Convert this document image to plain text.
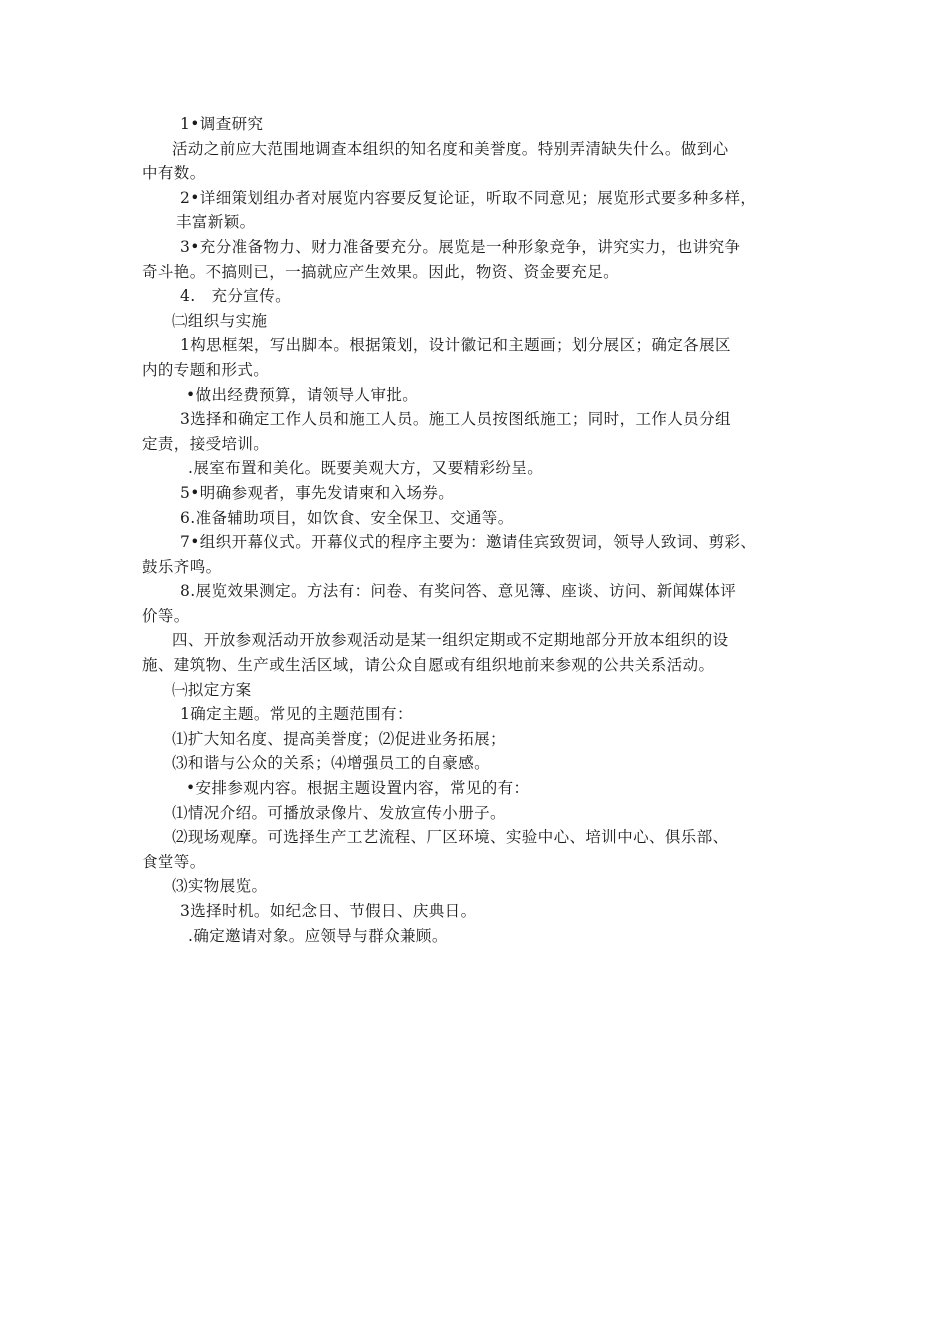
1•调查研究
活动之前应大范围地调查本组织的知名度和美誉度。特别弄清缺失什么。做到心
中有数。
2•详细策划组办者对展览内容要反复论证，听取不同意见；展览形式要多种多样，
丰富新颖。
3•充分准备物力、财力准备要充分。展览是一种形象竞争，讲究实力，也讲究争
奇斗艳。不搞则已，一搞就应产生效果。因此，物资、资金要充足。
4.　充分宣传。
㈡组织与实施
1构思框架，写出脚本。根据策划，设计徽记和主题画；划分展区；确定各展区
内的专题和形式。
•做出经费预算，请领导人审批。
3选择和确定工作人员和施工人员。施工人员按图纸施工；同时，工作人员分组
定责，接受培训。
.展室布置和美化。既要美观大方，又要精彩纷呈。
5•明确参观者，事先发请柬和入场券。
6.准备辅助项目，如饮食、安全保卫、交通等。
7•组织开幕仪式。开幕仪式的程序主要为：邀请佳宾致贺词，领导人致词、剪彩、
鼓乐齐鸣。
8.展览效果测定。方法有：问卷、有奖问答、意见簿、座谈、访问、新闻媒体评
价等。
四、开放参观活动开放参观活动是某一组织定期或不定期地部分开放本组织的设
施、建筑物、生产或生活区域，请公众自愿或有组织地前来参观的公共关系活动。
㈠拟定方案
1确定主题。常见的主题范围有：
⑴扩大知名度、提高美誉度；⑵促进业务拓展；
⑶和谐与公众的关系；⑷增强员工的自豪感。
•安排参观内容。根据主题设置内容，常见的有：
⑴情况介绍。可播放录像片、发放宣传小册子。
⑵现场观摩。可选择生产工艺流程、厂区环境、实验中心、培训中心、俱乐部、
食堂等。
⑶实物展览。
3选择时机。如纪念日、节假日、庆典日。
.确定邀请对象。应领导与群众兼顾。
